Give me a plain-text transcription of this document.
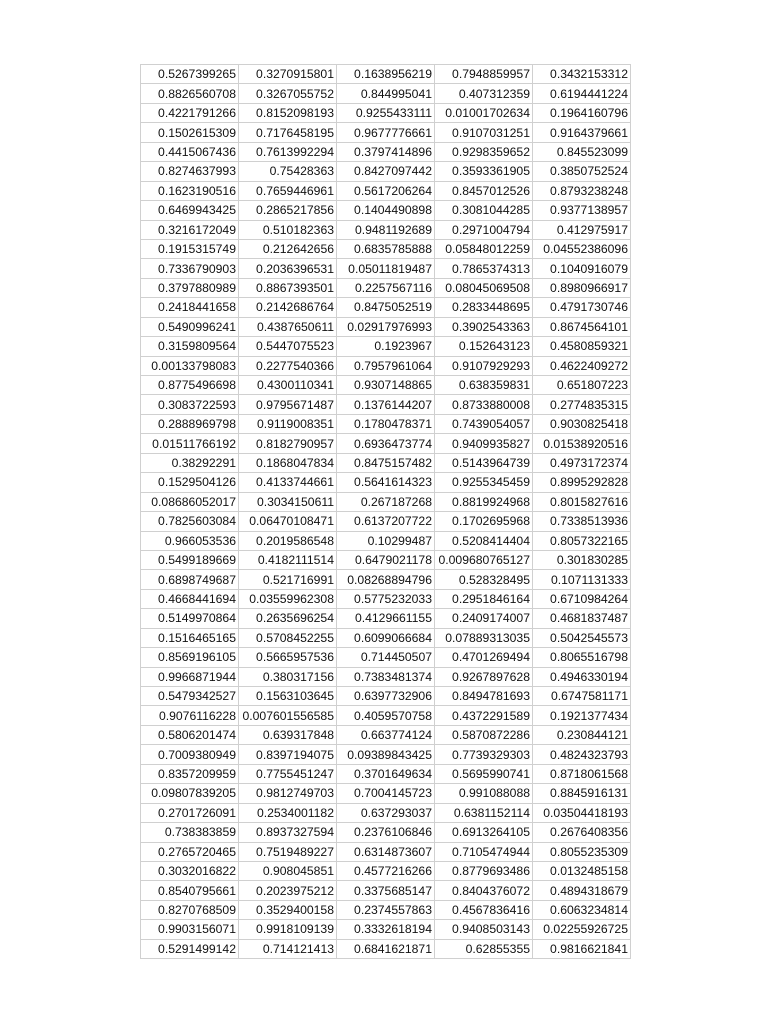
0.5267399265	0.3270915801	0.1638956219	0.7948859957	0.3432153312
0.8826560708	0.3267055752	0.844995041	0.407312359	0.6194441224
0.4221791266	0.8152098193	0.9255433111	0.01001702634	0.1964160796
0.1502615309	0.7176458195	0.9677776661	0.9107031251	0.9164379661
0.4415067436	0.7613992294	0.3797414896	0.9298359652	0.845523099
0.8274637993	0.75428363	0.8427097442	0.3593361905	0.3850752524
0.1623190516	0.7659446961	0.5617206264	0.8457012526	0.8793238248
0.6469943425	0.2865217856	0.1404490898	0.3081044285	0.9377138957
0.3216172049	0.510182363	0.9481192689	0.2971004794	0.412975917
0.1915315749	0.212642656	0.6835785888	0.05848012259	0.04552386096
0.7336790903	0.2036396531	0.05011819487	0.7865374313	0.1040916079
0.3797880989	0.8867393501	0.2257567116	0.08045069508	0.8980966917
0.2418441658	0.2142686764	0.8475052519	0.2833448695	0.4791730746
0.5490996241	0.4387650611	0.02917976993	0.3902543363	0.8674564101
0.3159809564	0.5447075523	0.1923967	0.152643123	0.4580859321
0.00133798083	0.2277540366	0.7957961064	0.9107929293	0.4622409272
0.8775496698	0.4300110341	0.9307148865	0.638359831	0.651807223
0.3083722593	0.9795671487	0.1376144207	0.8733880008	0.2774835315
0.2888969798	0.9119008351	0.1780478371	0.7439054057	0.9030825418
0.01511766192	0.8182790957	0.6936473774	0.9409935827	0.01538920516
0.38292291	0.1868047834	0.8475157482	0.5143964739	0.4973172374
0.1529504126	0.4133744661	0.5641614323	0.9255345459	0.8995292828
0.08686052017	0.3034150611	0.267187268	0.8819924968	0.8015827616
0.7825603084	0.06470108471	0.6137207722	0.1702695968	0.7338513936
0.966053536	0.2019586548	0.10299487	0.5208414404	0.8057322165
0.5499189669	0.4182111514	0.6479021178	0.009680765127	0.301830285
0.6898749687	0.521716991	0.08268894796	0.528328495	0.1071131333
0.4668441694	0.03559962308	0.5775232033	0.2951846164	0.6710984264
0.5149970864	0.2635696254	0.4129661155	0.2409174007	0.4681837487
0.1516465165	0.5708452255	0.6099066684	0.07889313035	0.5042545573
0.8569196105	0.5665957536	0.714450507	0.4701269494	0.8065516798
0.9966871944	0.380317156	0.7383481374	0.9267897628	0.4946330194
0.5479342527	0.1563103645	0.6397732906	0.8494781693	0.6747581171
0.9076116228	0.007601556585	0.4059570758	0.4372291589	0.1921377434
0.5806201474	0.639317848	0.663774124	0.5870872286	0.230844121
0.7009380949	0.8397194075	0.09389843425	0.7739329303	0.4824323793
0.8357209959	0.7755451247	0.3701649634	0.5695990741	0.8718061568
0.09807839205	0.9812749703	0.7004145723	0.991088088	0.8845916131
0.2701726091	0.2534001182	0.637293037	0.6381152114	0.03504418193
0.738383859	0.8937327594	0.2376106846	0.6913264105	0.2676408356
0.2765720465	0.7519489227	0.6314873607	0.7105474944	0.8055235309
0.3032016822	0.908045851	0.4577216266	0.8779693486	0.0132485158
0.8540795661	0.2023975212	0.3375685147	0.8404376072	0.4894318679
0.8270768509	0.3529400158	0.2374557863	0.4567836416	0.6063234814
0.9903156071	0.9918109139	0.3332618194	0.9408503143	0.02255926725
0.5291499142	0.714121413	0.6841621871	0.62855355	0.9816621841
